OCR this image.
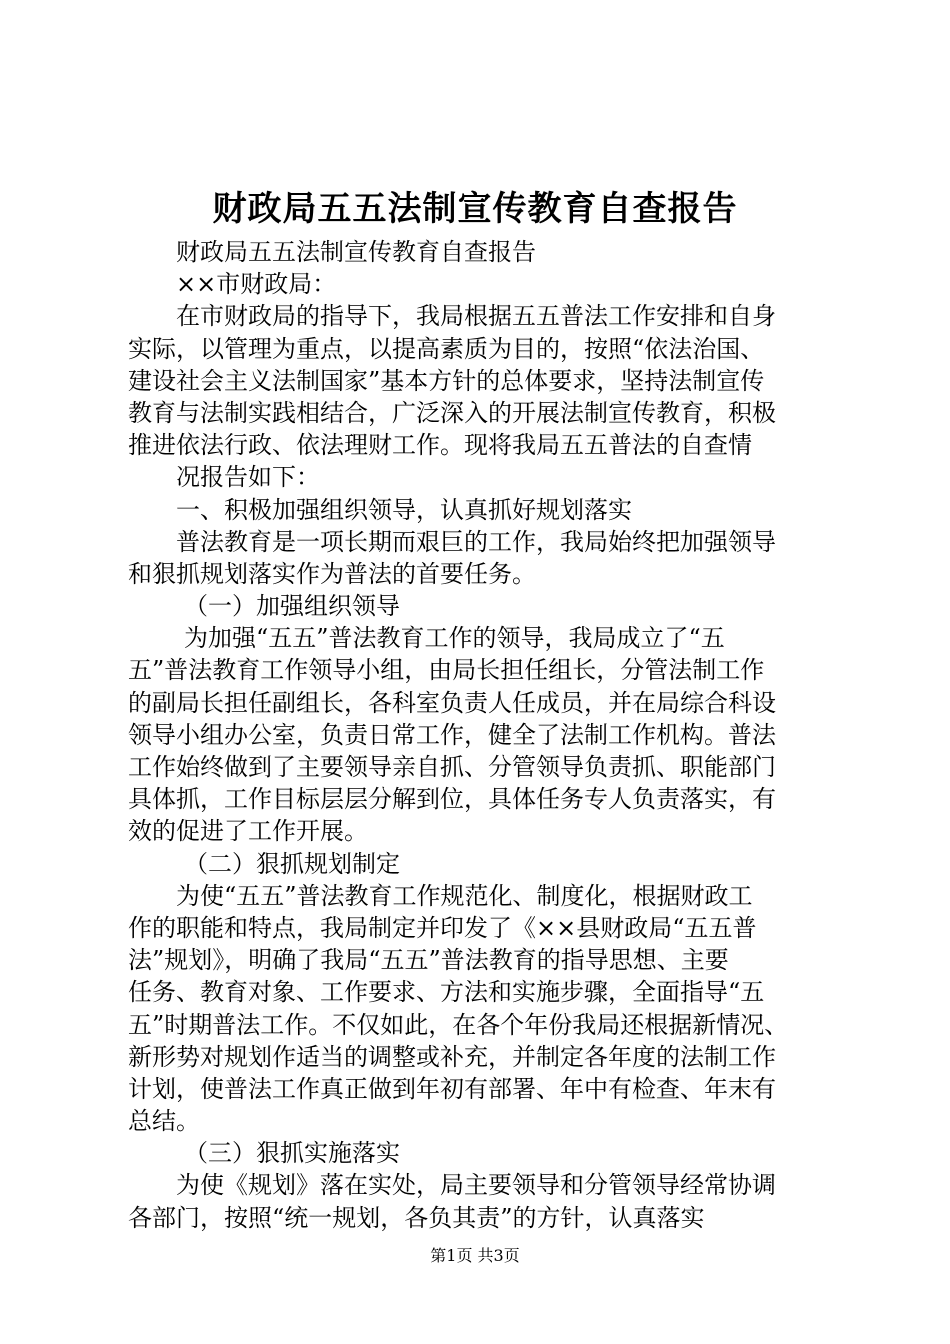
财政局五五法制宣传教育自查报告
财政局五五法制宣传教育自查报告
××市财政局：
在市财政局的指导下，我局根据五五普法工作安排和自身
实际，以管理为重点，以提高素质为目的，按照“依法治国、
建设社会主义法制国家”基本方针的总体要求，坚持法制宣传
教育与法制实践相结合，广泛深入的开展法制宣传教育，积极
推进依法行政、依法理财工作。现将我局五五普法的自查情
况报告如下：
一、积极加强组织领导，认真抓好规划落实
普法教育是一项长期而艰巨的工作，我局始终把加强领导
和狠抓规划落实作为普法的首要任务。
（一）加强组织领导
为加强“五五”普法教育工作的领导，我局成立了“五
五”普法教育工作领导小组，由局长担任组长，分管法制工作
的副局长担任副组长，各科室负责人任成员，并在局综合科设
领导小组办公室，负责日常工作，健全了法制工作机构。普法
工作始终做到了主要领导亲自抓、分管领导负责抓、职能部门
具体抓，工作目标层层分解到位，具体任务专人负责落实，有
效的促进了工作开展。
（二）狠抓规划制定
为使“五五”普法教育工作规范化、制度化，根据财政工
作的职能和特点，我局制定并印发了《××县财政局“五五普
法”规划》，明确了我局“五五”普法教育的指导思想、主要
任务、教育对象、工作要求、方法和实施步骤，全面指导“五
五”时期普法工作。不仅如此，在各个年份我局还根据新情况、
新形势对规划作适当的调整或补充，并制定各年度的法制工作
计划，使普法工作真正做到年初有部署、年中有检查、年末有
总结。
（三）狠抓实施落实
为使《规划》落在实处，局主要领导和分管领导经常协调
各部门，按照“统一规划，各负其责”的方针，认真落实
第1页 共3页
